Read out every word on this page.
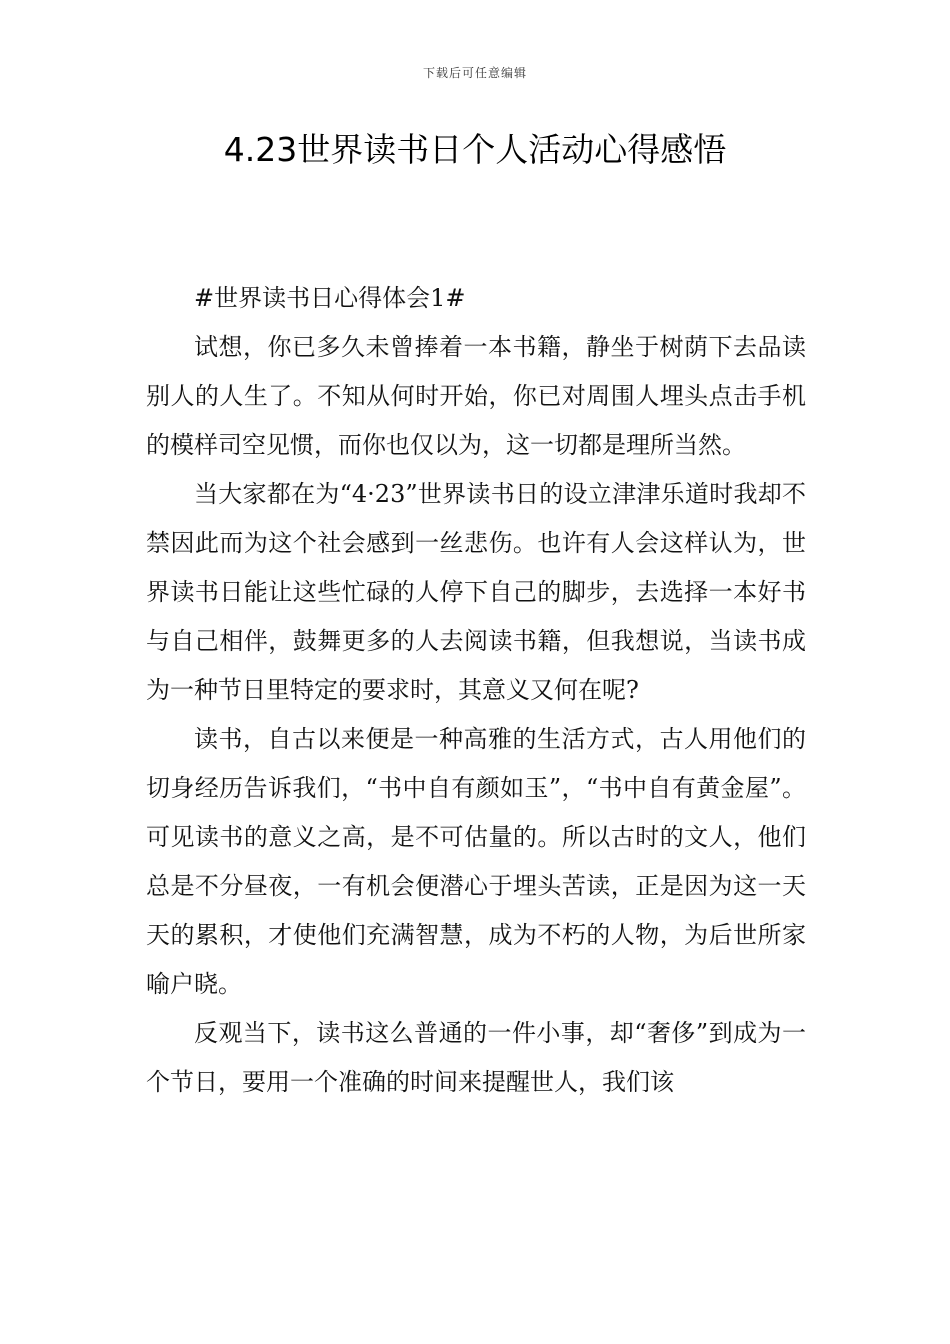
下载后可任意编辑
4.23世界读书日个人活动心得感悟

#世界读书日心得体会1#

试想，你已多久未曾捧着一本书籍，静坐于树荫下去品读别人的人生了。不知从何时开始，你已对周围人埋头点击手机的模样司空见惯，而你也仅以为，这一切都是理所当然。

当大家都在为“4·23”世界读书日的设立津津乐道时我却不禁因此而为这个社会感到一丝悲伤。也许有人会这样认为，世界读书日能让这些忙碌的人停下自己的脚步，去选择一本好书与自己相伴，鼓舞更多的人去阅读书籍，但我想说，当读书成为一种节日里特定的要求时，其意义又何在呢?

读书，自古以来便是一种高雅的生活方式，古人用他们的切身经历告诉我们，“书中自有颜如玉”，“书中自有黄金屋”。可见读书的意义之高，是不可估量的。所以古时的文人，他们总是不分昼夜，一有机会便潜心于埋头苦读，正是因为这一天天的累积，才使他们充满智慧，成为不朽的人物，为后世所家喻户晓。

反观当下，读书这么普通的一件小事，却“奢侈”到成为一个节日，要用一个准确的时间来提醒世人，我们该
